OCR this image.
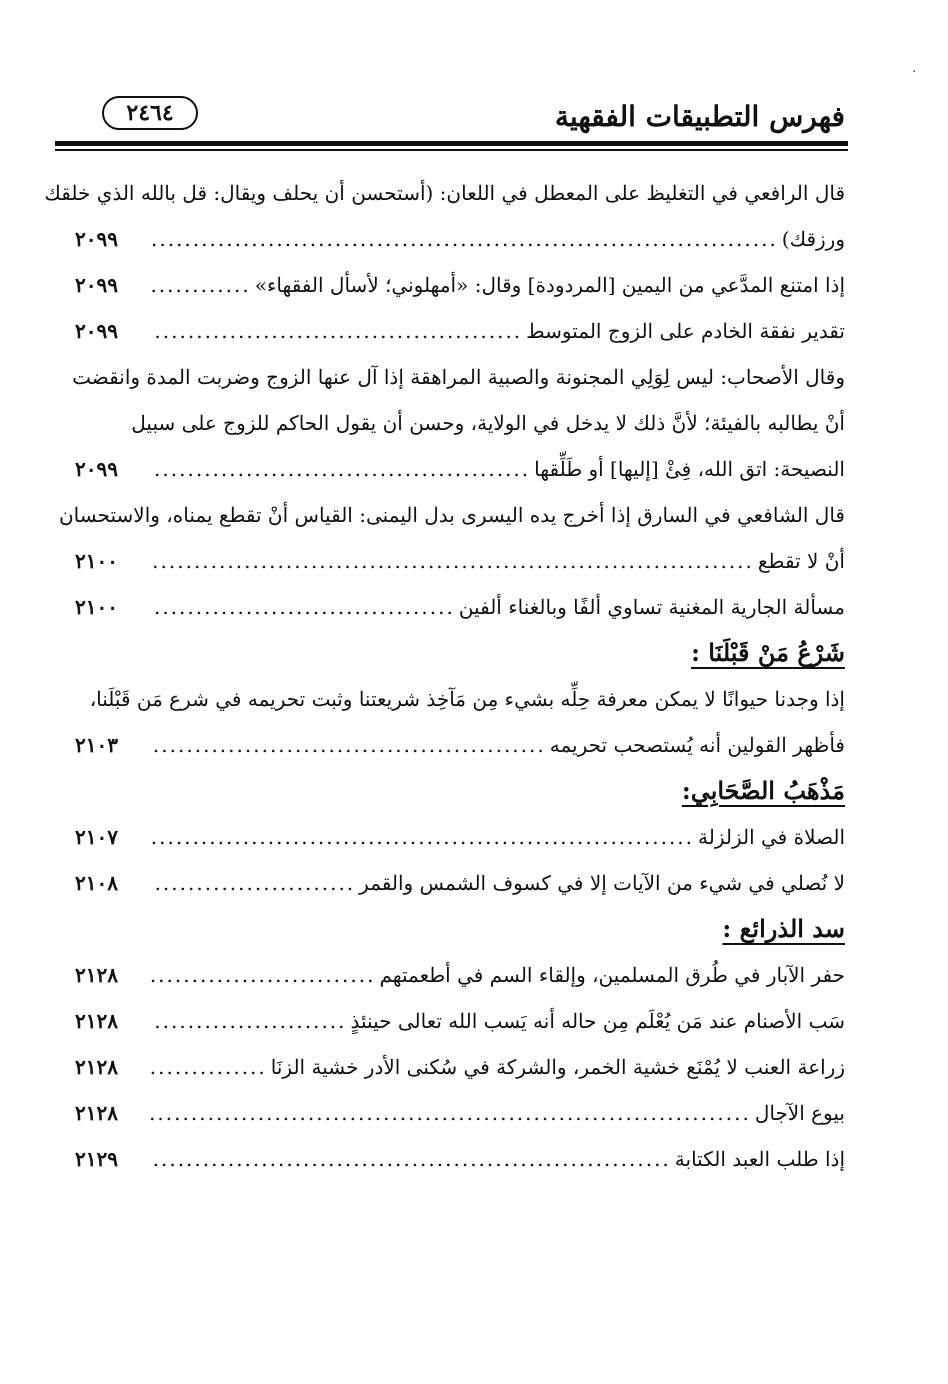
فهرس التطبيقات الفقهية
٢٤٦٤
قال الرافعي في التغليظ على المعطل في اللعان: (أستحسن أن يحلف ويقال: قل بالله الذي خلقك
ورزقك)
.....
٢٠٩٩
إذا امتنع المدَّعي من اليمين [المردودة] وقال: «أمهلوني؛ لأسأل الفقهاء»
.....
٢٠٩٩
تقدير نفقة الخادم على الزوج المتوسط
.....
٢٠٩٩
وقال الأصحاب: ليس لِوَلِي المجنونة والصبية المراهقة إذا آل عنها الزوج وضربت المدة وانقضت
أنْ يطالبه بالفيئة؛ لأنَّ ذلك لا يدخل في الولاية، وحسن أن يقول الحاكم للزوج على سبيل
النصيحة: اتق الله، فِئْ [إليها] أو طَلِّقها
.....
٢٠٩٩
قال الشافعي في السارق إذا أخرج يده اليسرى بدل اليمنى: القياس أنْ تقطع يمناه، والاستحسان
أنْ لا تقطع
.....
٢١٠٠
مسألة الجارية المغنية تساوي ألفًا وبالغناء ألفين
.....
٢١٠٠
شَرْعُ مَنْ قَبْلَنَا :
إذا وجدنا حيوانًا لا يمكن معرفة حِلِّه بشيء مِن مَآخِذ شريعتنا وثبت تحريمه في شرع مَن قَبْلَنا،
فأظهر القولين أنه يُستصحب تحريمه
.....
٢١٠٣
مَذْهَبُ الصَّحَابِي:
الصلاة في الزلزلة
.....
٢١٠٧
لا نُصلي في شيء من الآيات إلا في كسوف الشمس والقمر
.....
٢١٠٨
سد الذرائع :
حفر الآبار في طُرق المسلمين، وإلقاء السم في أطعمتهم
.....
٢١٢٨
سَب الأصنام عند مَن يُعْلَم مِن حاله أنه يَسب الله تعالى حينئذٍ
.....
٢١٢٨
زراعة العنب لا يُمْنَع خشية الخمر، والشركة في سُكنى الأدر خشية الزنَا
.....
٢١٢٨
بيوع الآجال
.....
٢١٢٨
إذا طلب العبد الكتابة
.....
٢١٢٩
·
